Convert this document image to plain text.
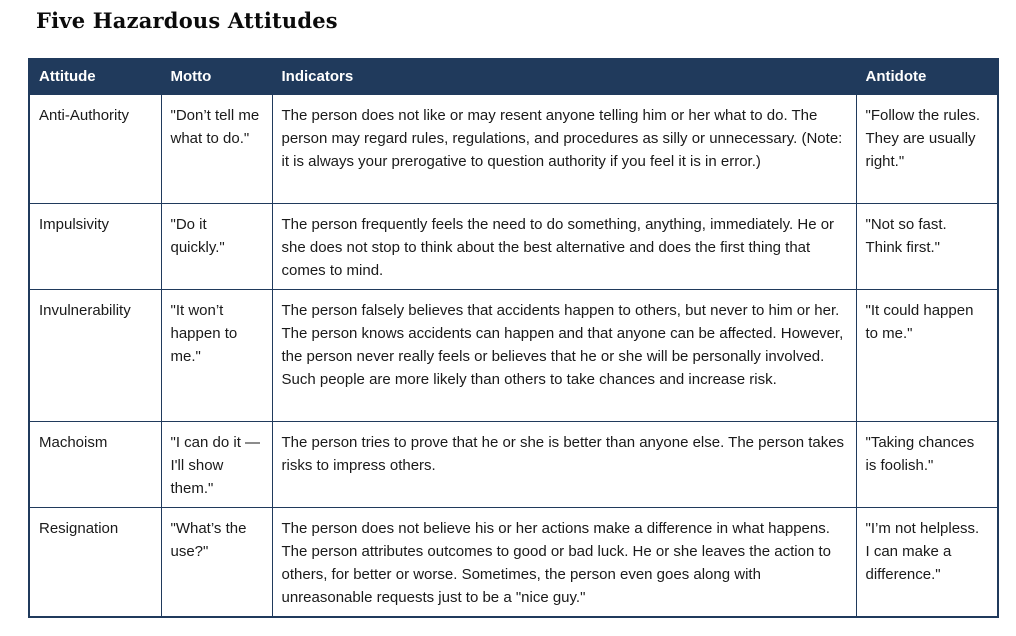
Five Hazardous Attitudes
Attitude	Motto	Indicators	Antidote
Anti-Authority	"Don’t tell me what to do."	The person does not like or may resent anyone telling him or her what to do. The person may regard rules, regulations, and procedures as silly or unnecessary. (Note: it is always your prerogative to question authority if you feel it is in error.)	"Follow the rules. They are usually right."
Impulsivity	"Do it quickly."	The person frequently feels the need to do something, anything, immediately. He or she does not stop to think about the best alternative and does the first thing that comes to mind.	"Not so fast. Think first."
Invulnerability	"It won’t happen to me."	The person falsely believes that accidents happen to others, but never to him or her. The person knows accidents can happen and that anyone can be affected. However, the person never really feels or believes that he or she will be personally involved. Such people are more likely than others to take chances and increase risk.	"It could happen to me."
Machoism	"I can do it —I'll show them."	The person tries to prove that he or she is better than anyone else. The person takes risks to impress others.	"Taking chances is foolish."
Resignation	"What’s the use?"	The person does not believe his or her actions make a difference in what happens. The person attributes outcomes to good or bad luck. He or she leaves the action to others, for better or worse. Sometimes, the person even goes along with unreasonable requests just to be a "nice guy."	"I’m not helpless. I can make a difference."
